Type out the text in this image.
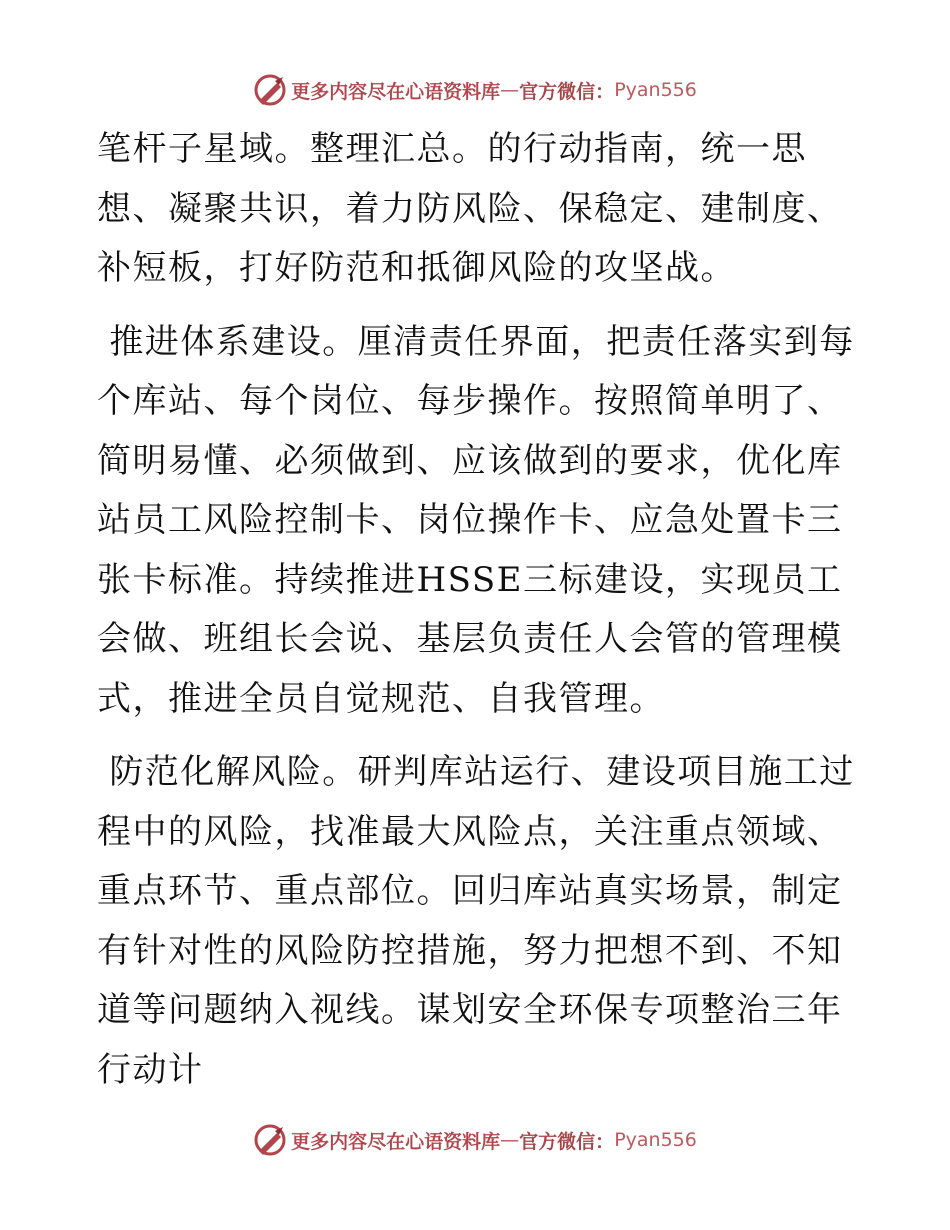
更多内容尽在心语资料库 — 官方微信： Pyan556

笔杆子星域。整理汇总。的行动指南，统一思想、凝聚共识，着力防风险、保稳定、建制度、补短板，打好防范和抵御风险的攻坚战。

推进体系建设。厘清责任界面，把责任落实到每个库站、每个岗位、每步操作。按照简单明了、简明易懂、必须做到、应该做到的要求，优化库站员工风险控制卡、岗位操作卡、应急处置卡三张卡标准。持续推进HSSE三标建设，实现员工会做、班组长会说、基层负责任人会管的管理模式，推进全员自觉规范、自我管理。

防范化解风险。研判库站运行、建设项目施工过程中的风险，找准最大风险点，关注重点领域、重点环节、重点部位。回归库站真实场景，制定有针对性的风险防控措施，努力把想不到、不知道等问题纳入视线。谋划安全环保专项整治三年行动计

更多内容尽在心语资料库 — 官方微信： Pyan556
